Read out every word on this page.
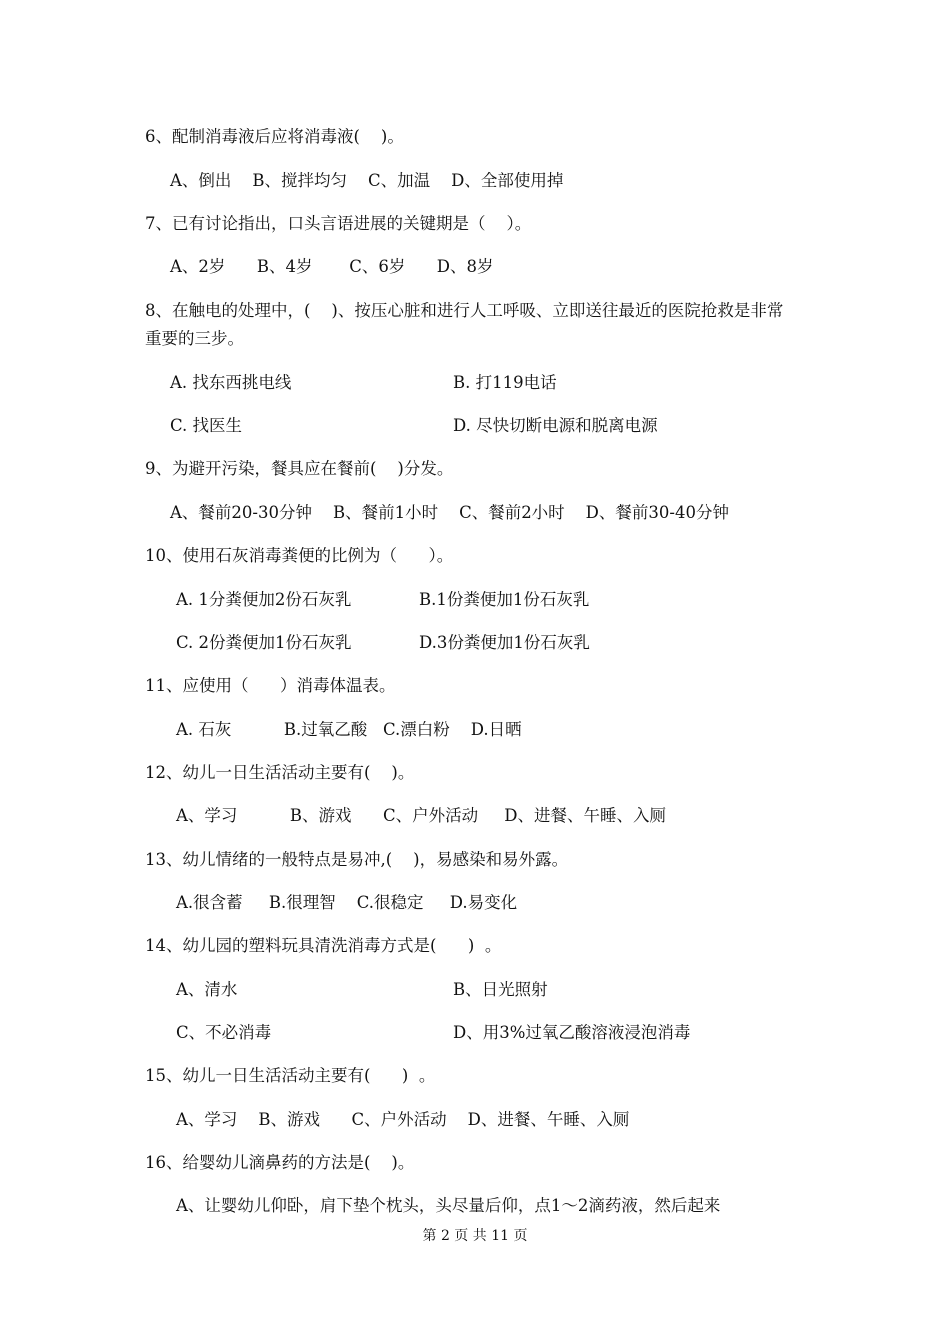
6、配制消毒液后应将消毒液(    )。
A、倒出    B、搅拌均匀    C、加温    D、全部使用掉
7、已有讨论指出，口头言语进展的关键期是（    ）。
A、2岁      B、4岁       C、6岁      D、8岁
8、在触电的处理中，(    )、按压心脏和进行人工呼吸、立即送往最近的医院抢救是非常
重要的三步。
A. 找东西挑电线	B. 打119电话
C. 找医生	D. 尽快切断电源和脱离电源
9、为避开污染，餐具应在餐前(    )分发。
A、餐前20-30分钟    B、餐前1小时    C、餐前2小时    D、餐前30-40分钟
10、使用石灰消毒粪便的比例为（      ）。
A. 1分粪便加2份石灰乳	B.1份粪便加1份石灰乳
C. 2份粪便加1份石灰乳	D.3份粪便加1份石灰乳
11、应使用（      ）消毒体温表。
A. 石灰          B.过氧乙酸   C.漂白粉    D.日晒
12、幼儿一日生活活动主要有(    )。
A、学习          B、游戏      C、户外活动     D、进餐、午睡、入厕
13、幼儿情绪的一般特点是易冲,(    )，易感染和易外露。
A.很含蓄     B.很理智    C.很稳定     D.易变化
14、幼儿园的塑料玩具清洗消毒方式是(      )  。
A、清水	B、日光照射
C、不必消毒	D、用3%过氧乙酸溶液浸泡消毒
15、幼儿一日生活活动主要有(      )  。
A、学习    B、游戏      C、户外活动    D、进餐、午睡、入厕
16、给婴幼儿滴鼻药的方法是(    )。
A、让婴幼儿仰卧，肩下垫个枕头，头尽量后仰，点1～2滴药液，然后起来
第 2 页 共 11 页
